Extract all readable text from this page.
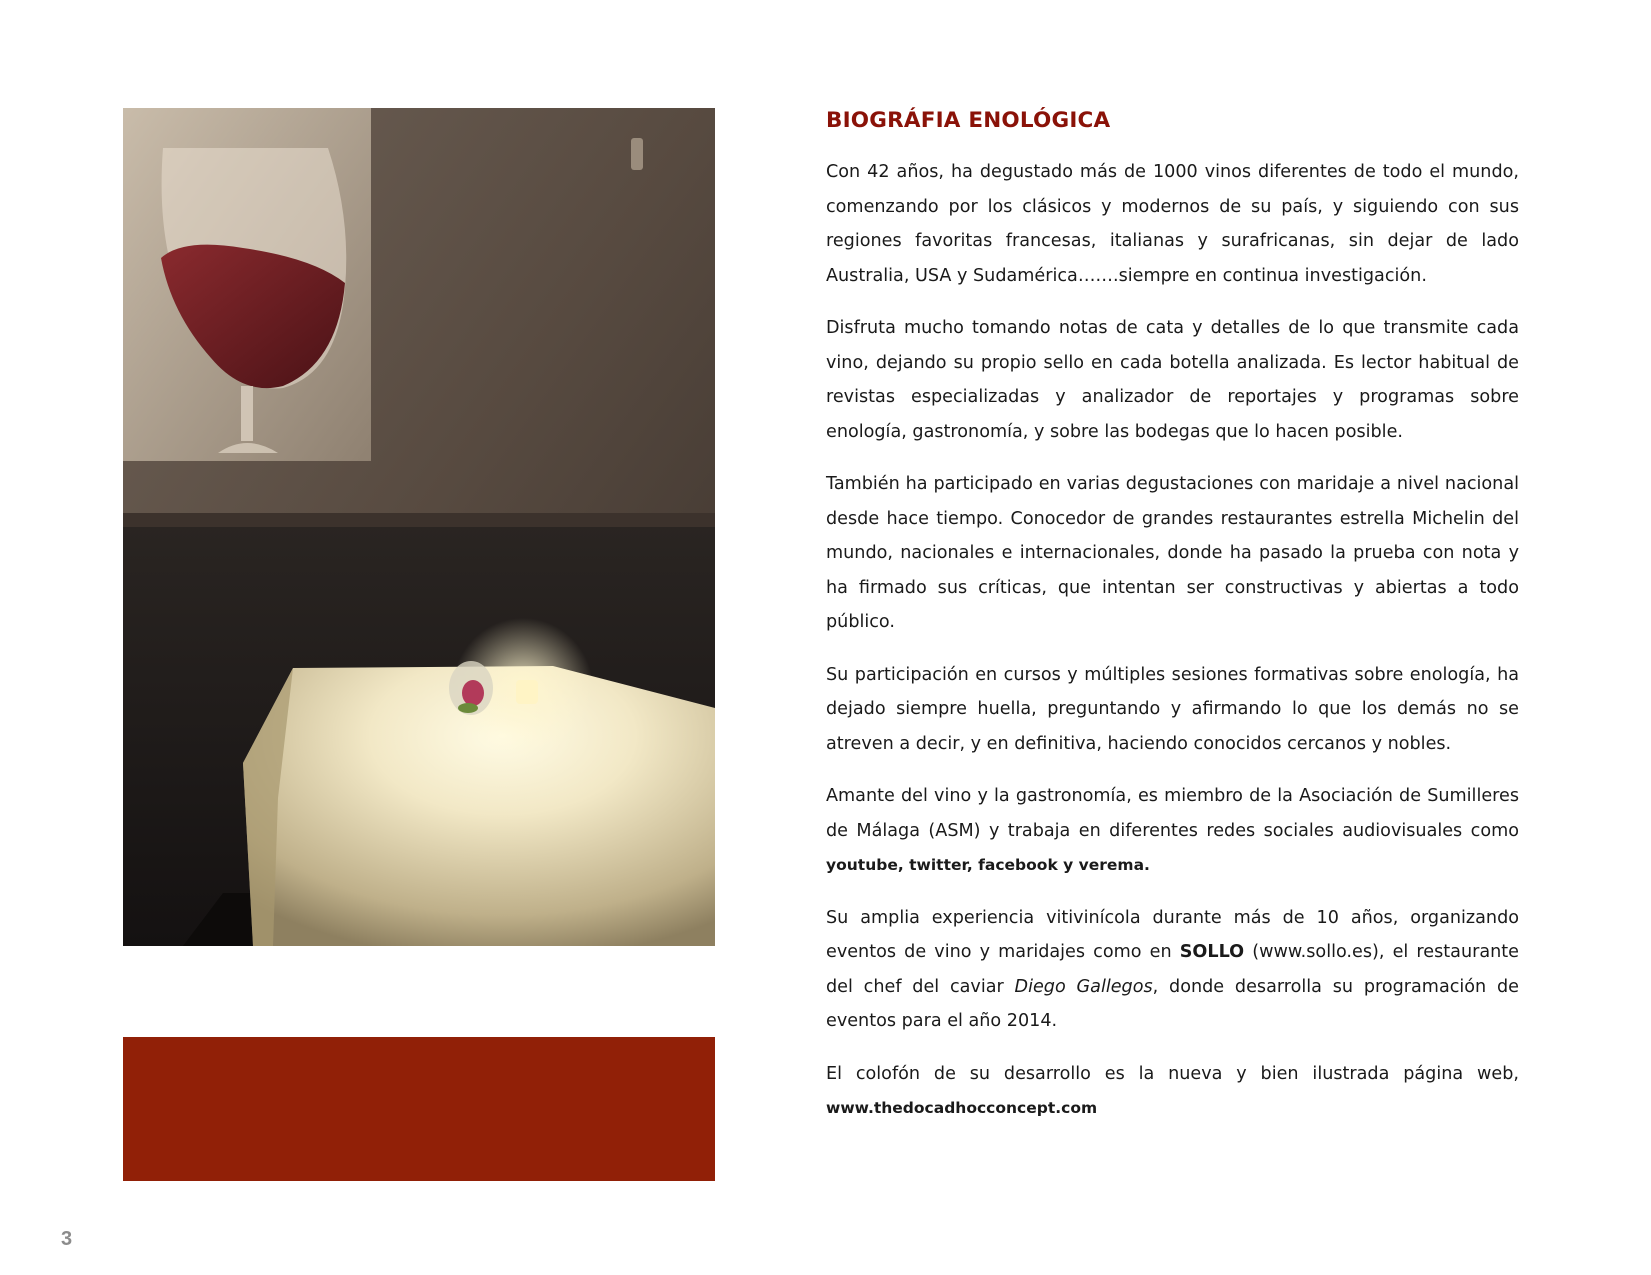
BIOGRÁFIA ENOLÓGICA

Con 42 años, ha degustado más de 1000 vinos diferentes de todo el mundo, comenzando por los clásicos y modernos de su país, y siguiendo con sus regiones favoritas francesas, italianas y surafricanas, sin dejar de lado Australia, USA y Sudamérica…….siempre en continua investigación.

Disfruta mucho tomando notas de cata y detalles de lo que transmite cada vino, dejando su propio sello en cada botella analizada. Es lector habitual de revistas especializadas y analizador de reportajes y programas sobre enología, gastronomía, y sobre las bodegas que lo hacen posible.

También ha participado en varias degustaciones con maridaje a nivel nacional desde hace tiempo. Conocedor de grandes restaurantes estrella Michelin del mundo, nacionales e internacionales, donde ha pasado la prueba con nota y ha firmado sus críticas, que intentan ser constructivas y abiertas a todo público.

Su participación en cursos y múltiples sesiones formativas sobre enología, ha dejado siempre huella, preguntando y afirmando lo que los demás no se atreven a decir, y en definitiva, haciendo conocidos cercanos y nobles.

Amante del vino y la gastronomía, es miembro de la Asociación de Sumilleres de Málaga (ASM) y trabaja en diferentes redes sociales audiovisuales como youtube, twitter, facebook y verema.

Su amplia experiencia vitivinícola durante más de 10 años, organizando eventos de vino y maridajes como en SOLLO (www.sollo.es), el restaurante del chef del caviar Diego Gallegos, donde desarrolla su programación de eventos para el año 2014.

El colofón de su desarrollo es la nueva y bien ilustrada página web, www.thedocadhocconcept.com

3
